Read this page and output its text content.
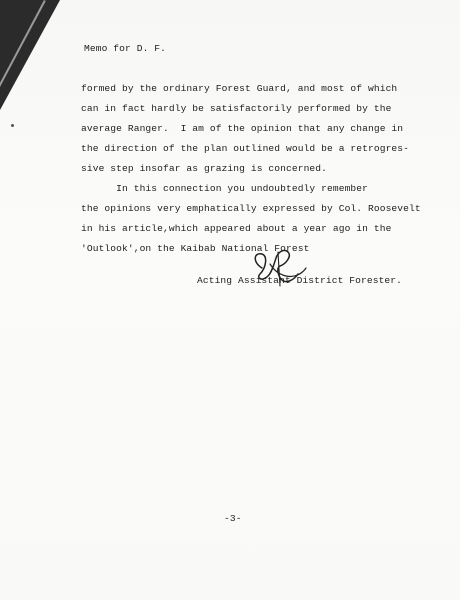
Memo for D. F.
formed by the ordinary Forest Guard, and most of which
can in fact hardly be satisfactorily performed by the
average Ranger.  I am of the opinion that any change in
the direction of the plan outlined would be a retrogres-
sive step insofar as grazing is concerned.
In this connection you undoubtedly remember
the opinions very emphatically expressed by Col. Roosevelt
in his article,which appeared about a year ago in the
'Outlook',on the Kaibab National Forest
Acting Assistant District Forester.
-3-
